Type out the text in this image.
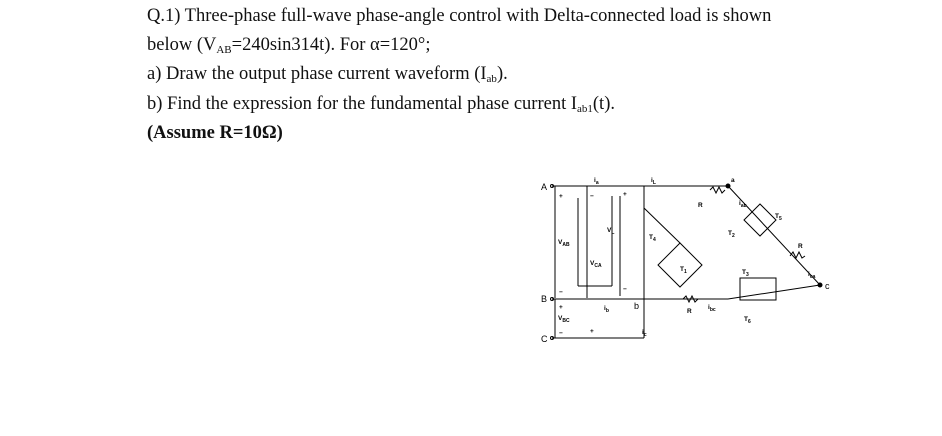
Q.1) Three-phase full-wave phase-angle control with Delta-connected load is shown
below $(V_{AB}=240\sin 314t)$. For α=120°;
a) Draw the output phase current waveform $(I_{ab})$.
b) Find the expression for the fundamental phase current $I_{ab1}(t)$.
(Assume R=10Ω)
A
B
C
c
b
a
$V_{AB}$
$V_{BC}$
$V_{CA}$
$V_L$
$i_a$
$i_b$
$i_c$
$i_L$
$i_{ab}$
$i_{bc}$
$i_{ca}$
$T_1$
$T_2$
$T_3$
$T_4$
$T_5$
$T_6$
R
R
R
+
−
+
−
−
+
+
−
